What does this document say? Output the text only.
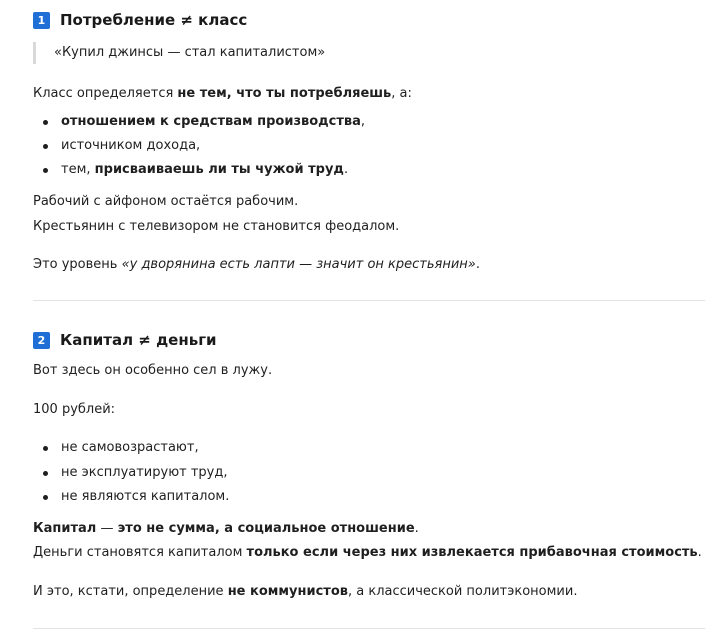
1 Потребление ≠ класс
«Купил джинсы — стал капиталистом»
Класс определяется не тем, что ты потребляешь, а:
отношением к средствам производства,
источником дохода,
тем, присваиваешь ли ты чужой труд.
Рабочий с айфоном остаётся рабочим.
Крестьянин с телевизором не становится феодалом.
Это уровень «у дворянина есть лапти — значит он крестьянин».
2 Капитал ≠ деньги
Вот здесь он особенно сел в лужу.
100 рублей:
не самовозрастают,
не эксплуатируют труд,
не являются капиталом.
Капитал — это не сумма, а социальное отношение.
Деньги становятся капиталом только если через них извлекается прибавочная стоимость.
И это, кстати, определение не коммунистов, а классической политэкономии.
